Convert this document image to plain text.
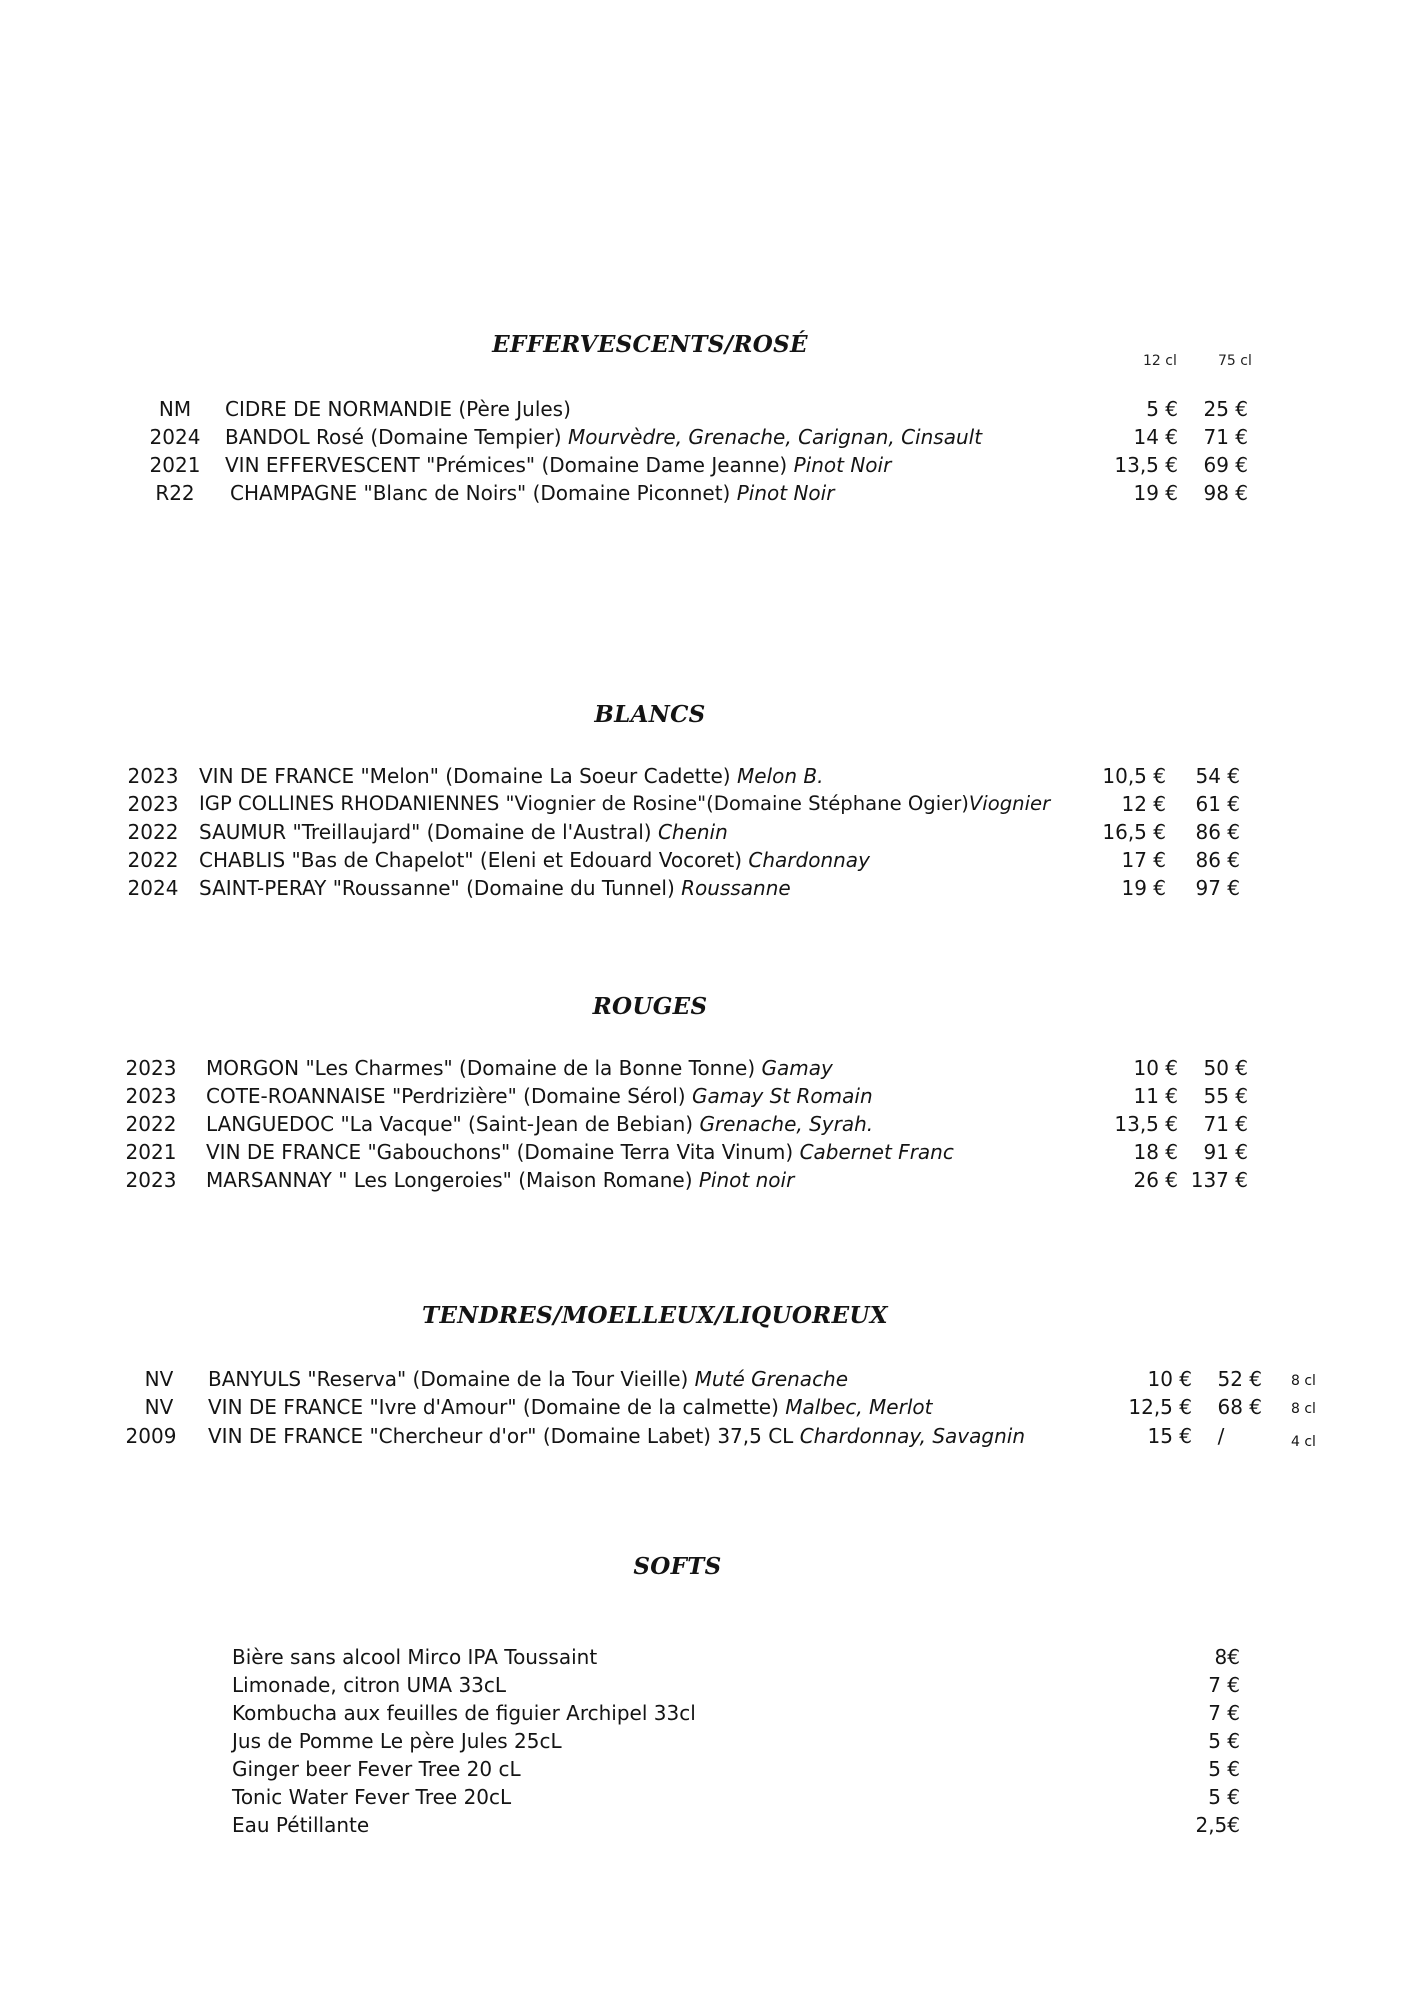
EFFERVESCENTS/ROSÉ
12 cl	75 cl
NM	CIDRE DE NORMANDIE (Père Jules)	5 €	25 €
2024	BANDOL Rosé (Domaine Tempier) Mourvèdre, Grenache, Carignan, Cinsault	14 €	71 €
2021	VIN EFFERVESCENT "Prémices" (Domaine Dame Jeanne) Pinot Noir	13,5 €	69 €
R22	CHAMPAGNE "Blanc de Noirs" (Domaine Piconnet) Pinot Noir	19 €	98 €
BLANCS
2023	VIN DE FRANCE "Melon" (Domaine La Soeur Cadette) Melon B.	10,5 €	54 €
2023	IGP COLLINES RHODANIENNES "Viognier de Rosine"(Domaine Stéphane Ogier)Viognier	12 €	61 €
2022	SAUMUR "Treillaujard" (Domaine de l'Austral) Chenin	16,5 €	86 €
2022	CHABLIS "Bas de Chapelot" (Eleni et Edouard Vocoret) Chardonnay	17 €	86 €
2024	SAINT-PERAY "Roussanne" (Domaine du Tunnel) Roussanne	19 €	97 €
ROUGES
2023	MORGON "Les Charmes" (Domaine de la Bonne Tonne) Gamay	10 €	50 €
2023	COTE-ROANNAISE "Perdrizière" (Domaine Sérol) Gamay St Romain	11 €	55 €
2022	LANGUEDOC "La Vacque" (Saint-Jean de Bebian) Grenache, Syrah.	13,5 €	71 €
2021	VIN DE FRANCE "Gabouchons" (Domaine Terra Vita Vinum) Cabernet Franc	18 €	91 €
2023	MARSANNAY " Les Longeroies" (Maison Romane) Pinot noir	26 € 137 €
TENDRES/MOELLEUX/LIQUOREUX
NV	BANYULS "Reserva" (Domaine de la Tour Vieille) Muté Grenache	10 €	52 € 8 cl
NV	VIN DE FRANCE "Ivre d'Amour" (Domaine de la calmette) Malbec, Merlot	12,5 €	68 € 8 cl
2009	VIN DE FRANCE "Chercheur d'or" (Domaine Labet) 37,5 CL Chardonnay, Savagnin	15 €	/	4 cl
SOFTS
Bière sans alcool Mirco IPA Toussaint	8€
Limonade, citron UMA 33cL	7 €
Kombucha aux feuilles de figuier Archipel 33cl	7 €
Jus de Pomme Le père Jules 25cL	5 €
Ginger beer Fever Tree 20 cL	5 €
Tonic Water Fever Tree 20cL	5 €
Eau Pétillante	2,5€
